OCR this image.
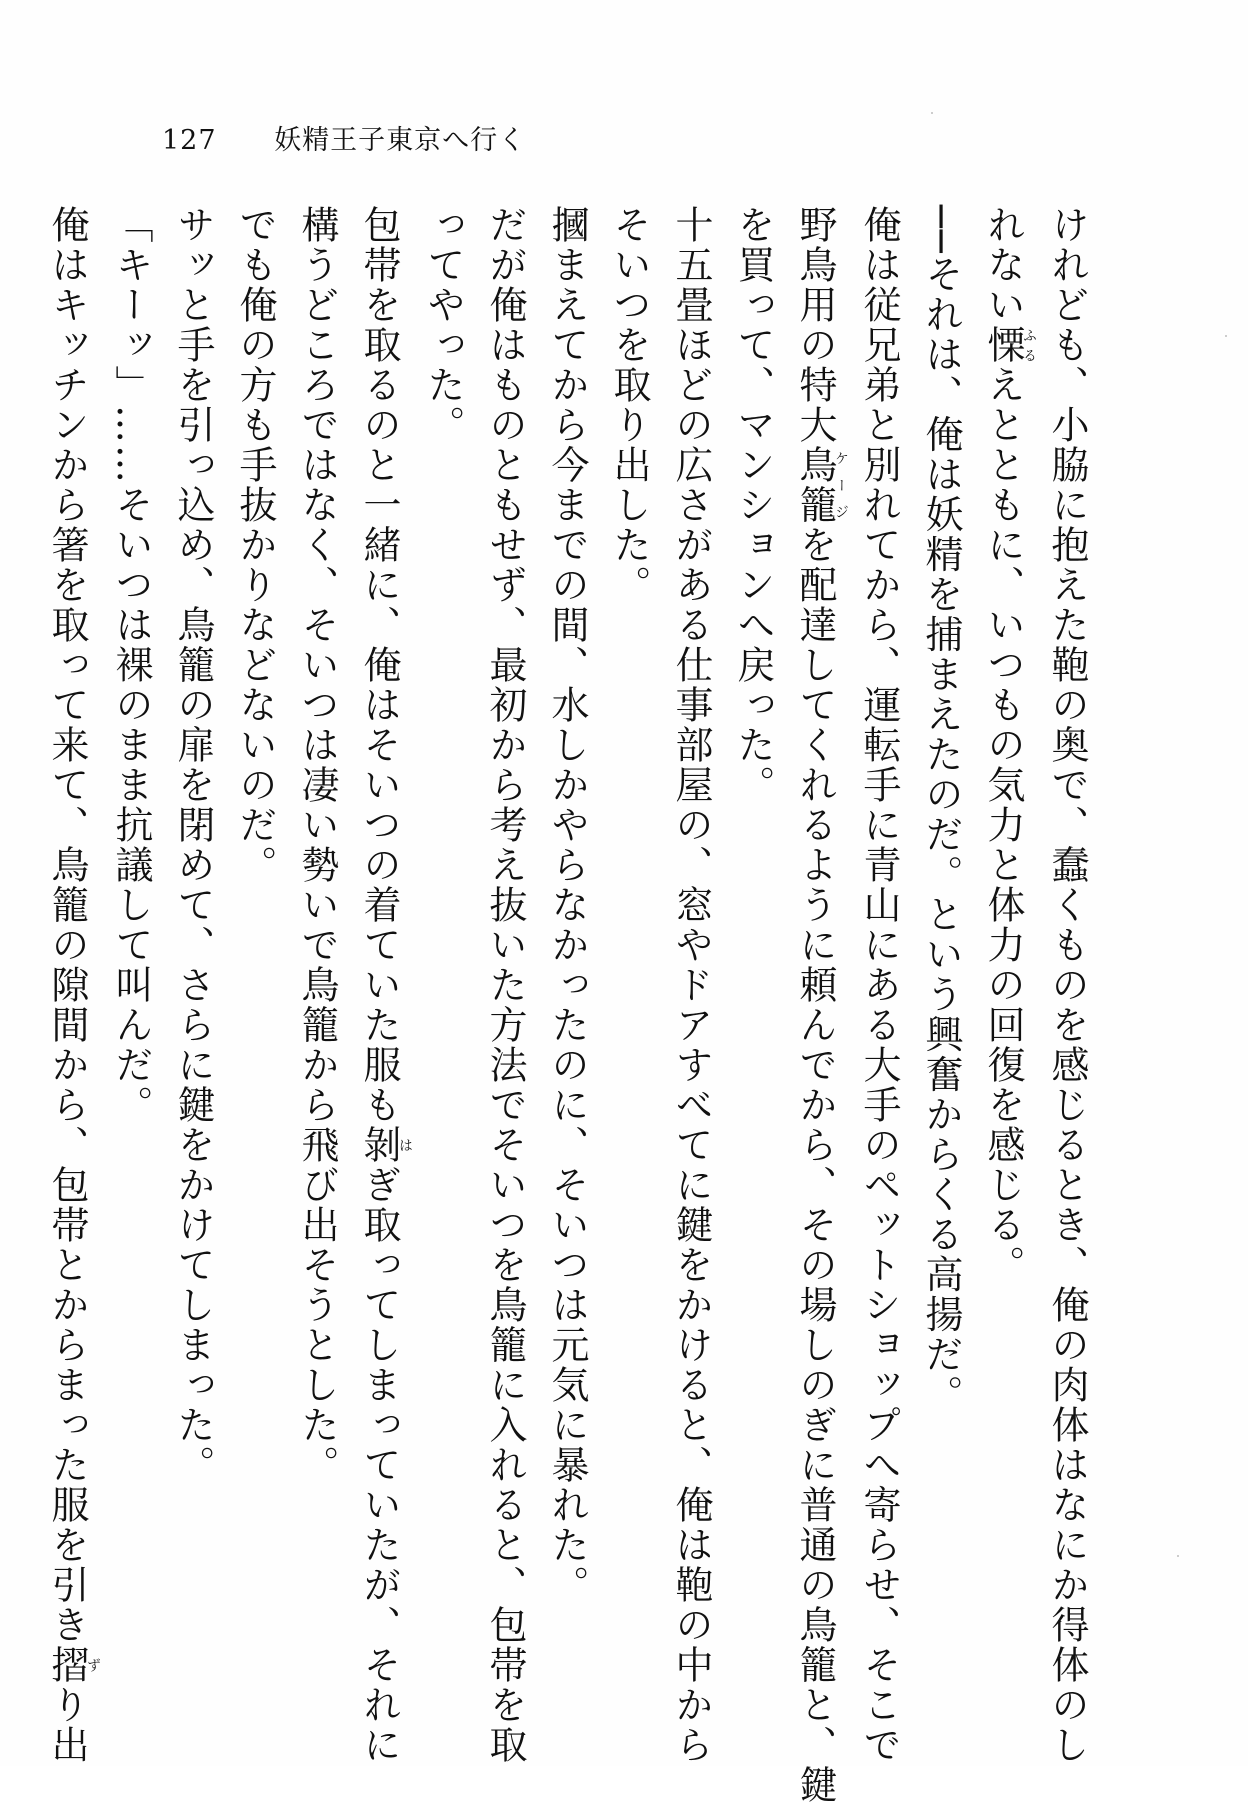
127 妖精王子東京へ行く
けれども、小脇に抱えた鞄の奥で、蠢くものを感じるとき、俺の肉体はなにか得体のし
れない慄ふるえとともに、いつもの気力と体力の回復を感じる。
──それは、俺は妖精を捕まえたのだ。という興奮からくる高揚だ。
俺は従兄弟と別れてから、運転手に青山にある大手のペットショップへ寄らせ、そこで
野鳥用の特大鳥籠ケージを配達してくれるように頼んでから、その場しのぎに普通の鳥籠と、鍵
を買って、マンションへ戻った。
十五畳ほどの広さがある仕事部屋の、窓やドアすべてに鍵をかけると、俺は鞄の中から
そいつを取り出した。
摑まえてから今までの間、水しかやらなかったのに、そいつは元気に暴れた。
だが俺はものともせず、最初から考え抜いた方法でそいつを鳥籠に入れると、包帯を取
ってやった。
包帯を取るのと一緒に、俺はそいつの着ていた服も剝はぎ取ってしまっていたが、それに
構うどころではなく、そいつは凄い勢いで鳥籠から飛び出そうとした。
でも俺の方も手抜かりなどないのだ。
サッと手を引っ込め、鳥籠の扉を閉めて、さらに鍵をかけてしまった。
「キーッ」……そいつは裸のまま抗議して叫んだ。
俺はキッチンから箸を取って来て、鳥籠の隙間から、包帯とからまった服を引き摺ずり出
